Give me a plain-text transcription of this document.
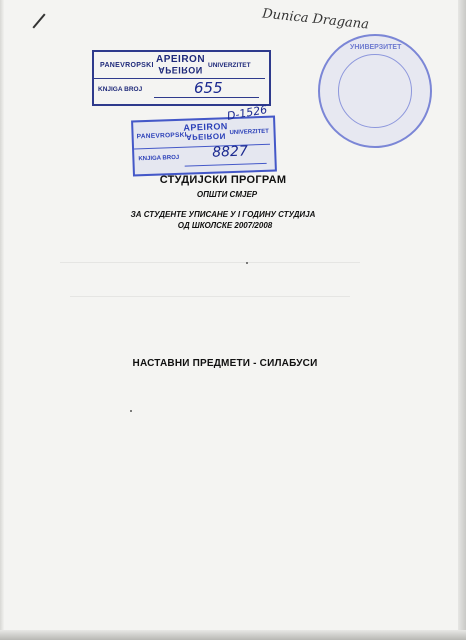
Dunica Dragana
УНИВЕРЗИТЕТ
PANEVROPSKI
APEIRON
APEIRON UNIVERZITET
KNJIGA BROJ	655
PANEVROPSKI
APEIRON
APEIRON UNIVERZITET
D-1526
KNJIGA BROJ 8827
СТУДИЈСКИ ПРОГРАМ
ОПШТИ СМЈЕР
ЗА СТУДЕНТЕ УПИСАНЕ У I ГОДИНУ СТУДИЈА
ОД ШКОЛСКЕ 2007/2008
НАСТАВНИ ПРЕДМЕТИ - СИЛАБУСИ
